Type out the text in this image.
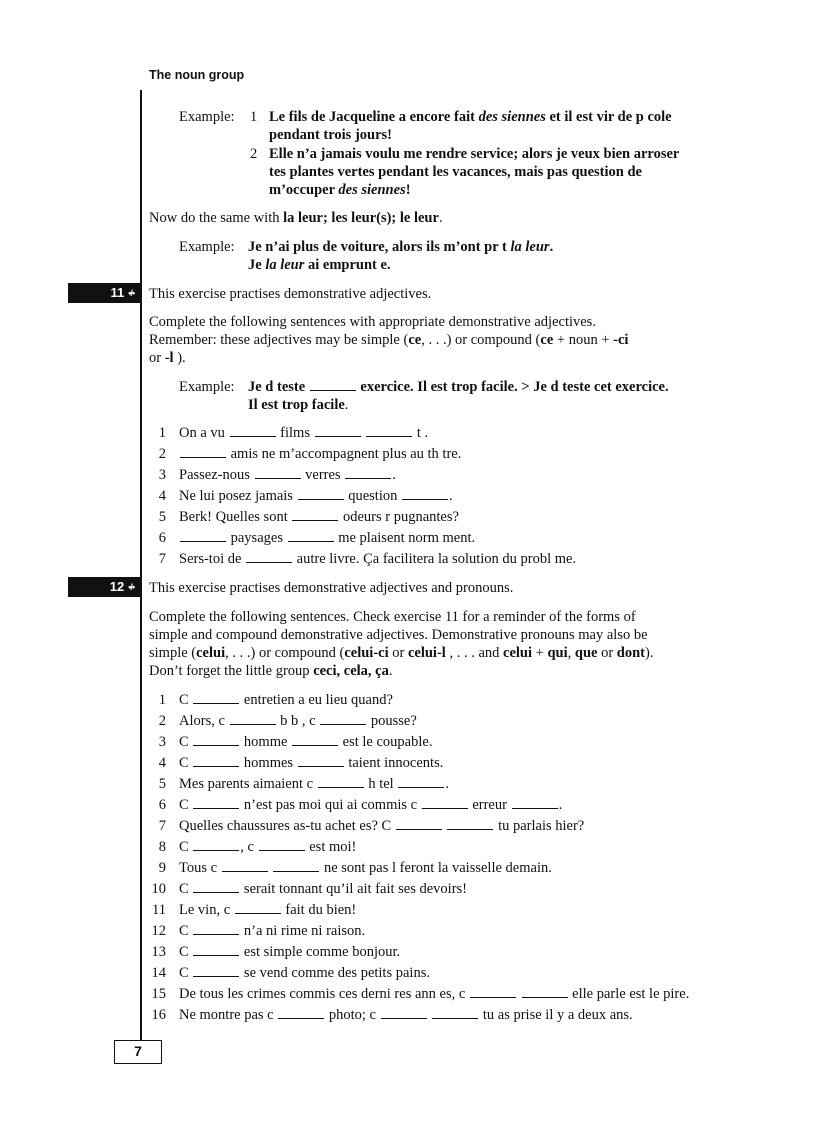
The noun group
7
Example: 1 Le fils de Jacqueline a encore fait des siennes et il est vir de p cole
pendant trois jours!
2 Elle n’a jamais voulu me rendre service; alors je veux bien arroser
tes plantes vertes pendant les vacances, mais pas question de
m’occuper des siennes!
Now do the same with la leur; les leur(s); le leur.
Example: Je n’ai plus de voiture, alors ils m’ont pr t la leur.
Je la leur ai emprunt e.
11 •/•	This exercise practises demonstrative adjectives.
Complete the following sentences with appropriate demonstrative adjectives.
Remember: these adjectives may be simple (ce, . . .) or compound (ce + noun + -ci
or -l ).
Example: Je d teste	exercice. Il est trop facile. > Je d teste cet exercice.
Il est trop facile.
1 On a vu	films	t .
2	amis ne m’accompagnent plus au th tre.
3 Passez-nous	verres	.
4 Ne lui posez jamais	question	.
5 Berk! Quelles sont	odeurs r pugnantes?
6	paysages	me plaisent norm ment.
7 Sers-toi de	autre livre. Ça facilitera la solution du probl me.
12 •/•	This exercise practises demonstrative adjectives and pronouns.
Complete the following sentences. Check exercise 11 for a reminder of the forms of
simple and compound demonstrative adjectives. Demonstrative pronouns may also be
simple (celui, . . .) or compound (celui-ci or celui-l , . . . and celui + qui, que or dont).
Don’t forget the little group ceci, cela, ça.
1 C	entretien a eu lieu quand?
2 Alors, c	b b , c	pousse?
3 C	homme	est le coupable.
4 C	hommes	taient innocents.
5 Mes parents aimaient c	h tel	.
6 C	n’est pas moi qui ai commis c	erreur	.
7 Quelles chaussures as-tu achet es? C	tu parlais hier?
8 C	, c	est moi!
9 Tous c	ne sont pas l feront la vaisselle demain.
10 C	serait tonnant qu’il ait fait ses devoirs!
11 Le vin, c	fait du bien!
12 C	n’a ni rime ni raison.
13 C	est simple comme bonjour.
14 C	se vend comme des petits pains.
15 De tous les crimes commis ces derni res ann es, c	elle parle est le pire.
16 Ne montre pas c	photo; c	tu as prise il y a deux ans.
